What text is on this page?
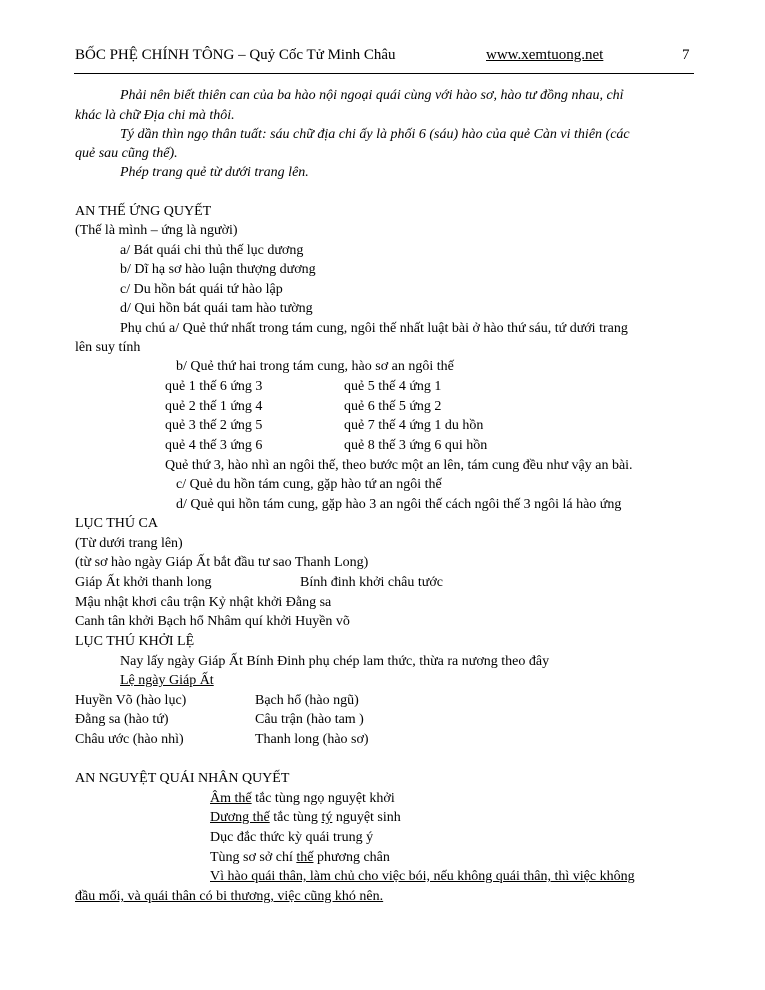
BỐC PHỆ CHÍNH TÔNG – Quỷ Cốc Tử Minh Châu	www.xemtuong.net	7
Phải nên biết thiên can của ba hào nội ngoại quái cùng với hào sơ, hào tư đồng nhau, chỉ
khác là chữ Địa chi mà thôi.
Tý dần thìn ngọ thân tuất: sáu chữ địa chi ấy là phối 6 (sáu) hào của quẻ Càn vi thiên (các
quẻ sau cũng thế).
Phép trang quẻ từ dưới trang lên.
AN THẾ ỨNG QUYẾT
(Thế là mình – ứng là người)
a/ Bát quái chi thủ thế lục dương
b/ Dĩ hạ sơ hào luận thượng dương
c/ Du hồn bát quái tứ hào lập
d/ Qui hồn bát quái tam hào tường
Phụ chú a/ Quẻ thứ nhất trong tám cung, ngôi thế nhất luật bài ở hào thứ sáu, tứ dưới trang
lên suy tính
b/ Quẻ thứ hai trong tám cung, hào sơ an ngôi thế
quẻ 1 thế 6 ứng 3	quẻ 5 thế 4 ứng 1
quẻ 2 thế 1 ứng 4	quẻ 6 thế 5 ứng 2
quẻ 3 thế 2 ứng 5	quẻ 7 thế 4 ứng 1 du hồn
quẻ 4 thế 3 ứng 6	quẻ 8 thế 3 ứng 6 qui hồn
Quẻ thứ 3, hào nhì an ngôi thế, theo bước một an lên, tám cung đều như vậy an bài.
c/ Quẻ du hồn tám cung, gặp hào tứ an ngôi thế
d/ Quẻ qui hồn tám cung, gặp hào 3 an ngôi thế cách ngôi thế 3 ngôi lá hào ứng
LỤC THÚ CA
(Từ dưới trang lên)
(từ sơ hào ngày Giáp Ất bắt đầu tư sao Thanh Long)
Giáp Ất khởi thanh long	Bính đinh khởi châu tước
Mậu nhật khơi câu trận Kỷ nhật khởi Đằng sa
Canh tân khởi Bạch hổ Nhâm quí khởi Huyền võ
LỤC THÚ KHỞI LỆ
Nay lấy ngày Giáp Ất Bính Đinh phụ chép lam thức, thừa ra nương theo đây
Lệ ngày Giáp Ất
Huyền Võ (hào lục)	Bạch hổ (hào ngũ)
Đằng sa (hào tứ)	Câu trận (hào tam )
Châu ước (hào nhì)	Thanh long (hào sơ)
AN NGUYỆT QUÁI NHÂN QUYẾT
Âm thế tắc tùng ngọ nguyệt khởi
Dương thế tắc tùng tý nguyệt sinh
Dục đắc thức kỳ quái trung ý
Tùng sơ sở chí thế phương chân
Vì hào quái thân, làm chủ cho việc bói, nếu không quái thân, thì việc không
đầu mối, và quái thân có bi thương, việc cũng khó nên.
